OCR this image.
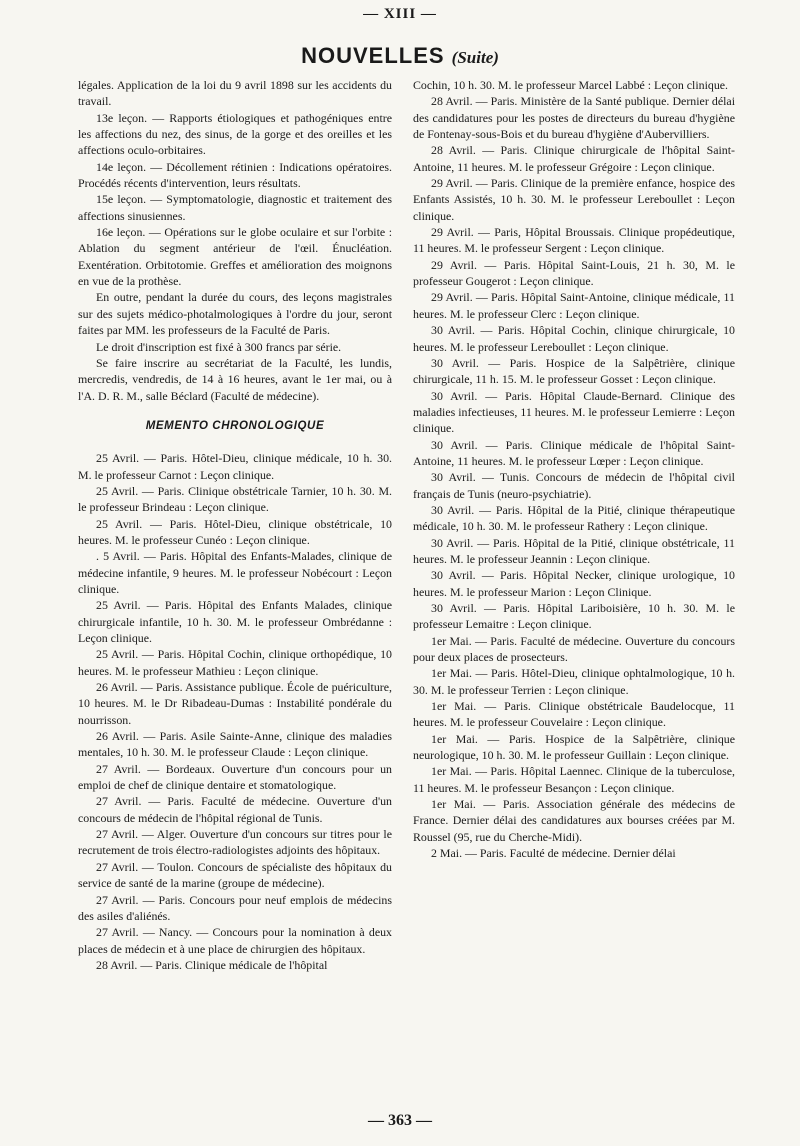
— XIII —
NOUVELLES (Suite)

légales. Application de la loi du 9 avril 1898 sur les accidents du travail.

13e leçon. — Rapports étiologiques et pathogéniques entre les affections du nez, des sinus, de la gorge et des oreilles et les affections oculo-orbitaires.

14e leçon. — Décollement rétinien : Indications opératoires. Procédés récents d'intervention, leurs résultats.

15e leçon. — Symptomatologie, diagnostic et traitement des affections sinusiennes.

16e leçon. — Opérations sur le globe oculaire et sur l'orbite : Ablation du segment antérieur de l'œil. Énucléation. Exentération. Orbitotomie. Greffes et amélioration des moignons en vue de la prothèse.

En outre, pendant la durée du cours, des leçons magistrales sur des sujets médico-photalmologiques à l'ordre du jour, seront faites par MM. les professeurs de la Faculté de Paris.

Le droit d'inscription est fixé à 300 francs par série.

Se faire inscrire au secrétariat de la Faculté, les lundis, mercredis, vendredis, de 14 à 16 heures, avant le 1er mai, ou à l'A. D. R. M., salle Béclard (Faculté de médecine).

MEMENTO CHRONOLOGIQUE

25 Avril. — Paris. Hôtel-Dieu, clinique médicale, 10 h. 30. M. le professeur Carnot : Leçon clinique.

25 Avril. — Paris. Clinique obstétricale Tarnier, 10 h. 30. M. le professeur Brindeau : Leçon clinique.

25 Avril. — Paris. Hôtel-Dieu, clinique obstétricale, 10 heures. M. le professeur Cunéo : Leçon clinique.

. 5 Avril. — Paris. Hôpital des Enfants-Malades, clinique de médecine infantile, 9 heures. M. le professeur Nobécourt : Leçon clinique.

25 Avril. — Paris. Hôpital des Enfants Malades, clinique chirurgicale infantile, 10 h. 30. M. le professeur Ombrédanne : Leçon clinique.

25 Avril. — Paris. Hôpital Cochin, clinique orthopédique, 10 heures. M. le professeur Mathieu : Leçon clinique.

26 Avril. — Paris. Assistance publique. École de puériculture, 10 heures. M. le Dr Ribadeau-Dumas : Instabilité pondérale du nourrisson.

26 Avril. — Paris. Asile Sainte-Anne, clinique des maladies mentales, 10 h. 30. M. le professeur Claude : Leçon clinique.

27 Avril. — Bordeaux. Ouverture d'un concours pour un emploi de chef de clinique dentaire et stomatologique.

27 Avril. — Paris. Faculté de médecine. Ouverture d'un concours de médecin de l'hôpital régional de Tunis.

27 Avril. — Alger. Ouverture d'un concours sur titres pour le recrutement de trois électro-radiologistes adjoints des hôpitaux.

27 Avril. — Toulon. Concours de spécialiste des hôpitaux du service de santé de la marine (groupe de médecine).

27 Avril. — Paris. Concours pour neuf emplois de médecins des asiles d'aliénés.

27 Avril. — Nancy. — Concours pour la nomination à deux places de médecin et à une place de chirurgien des hôpitaux.

28 Avril. — Paris. Clinique médicale de l'hôpital

Cochin, 10 h. 30. M. le professeur Marcel Labbé : Leçon clinique.

28 Avril. — Paris. Ministère de la Santé publique. Dernier délai des candidatures pour les postes de directeurs du bureau d'hygiène de Fontenay-sous-Bois et du bureau d'hygiène d'Aubervilliers.

28 Avril. — Paris. Clinique chirurgicale de l'hôpital Saint-Antoine, 11 heures. M. le professeur Grégoire : Leçon clinique.

29 Avril. — Paris. Clinique de la première enfance, hospice des Enfants Assistés, 10 h. 30. M. le professeur Lereboullet : Leçon clinique.

29 Avril. — Paris, Hôpital Broussais. Clinique propédeutique, 11 heures. M. le professeur Sergent : Leçon clinique.

29 Avril. — Paris. Hôpital Saint-Louis, 21 h. 30, M. le professeur Gougerot : Leçon clinique.

29 Avril. — Paris. Hôpital Saint-Antoine, clinique médicale, 11 heures. M. le professeur Clerc : Leçon clinique.

30 Avril. — Paris. Hôpital Cochin, clinique chirurgicale, 10 heures. M. le professeur Lereboullet : Leçon clinique.

30 Avril. — Paris. Hospice de la Salpêtrière, clinique chirurgicale, 11 h. 15. M. le professeur Gosset : Leçon clinique.

30 Avril. — Paris. Hôpital Claude-Bernard. Clinique des maladies infectieuses, 11 heures. M. le professeur Lemierre : Leçon clinique.

30 Avril. — Paris. Clinique médicale de l'hôpital Saint-Antoine, 11 heures. M. le professeur Lœper : Leçon clinique.

30 Avril. — Tunis. Concours de médecin de l'hôpital civil français de Tunis (neuro-psychiatrie).

30 Avril. — Paris. Hôpital de la Pitié, clinique thérapeutique médicale, 10 h. 30. M. le professeur Rathery : Leçon clinique.

30 Avril. — Paris. Hôpital de la Pitié, clinique obstétricale, 11 heures. M. le professeur Jeannin : Leçon clinique.

30 Avril. — Paris. Hôpital Necker, clinique urologique, 10 heures. M. le professeur Marion : Leçon Clinique.

30 Avril. — Paris. Hôpital Lariboisière, 10 h. 30. M. le professeur Lemaitre : Leçon clinique.

1er Mai. — Paris. Faculté de médecine. Ouverture du concours pour deux places de prosecteurs.

1er Mai. — Paris. Hôtel-Dieu, clinique ophtalmologique, 10 h. 30. M. le professeur Terrien : Leçon clinique.

1er Mai. — Paris. Clinique obstétricale Baudelocque, 11 heures. M. le professeur Couvelaire : Leçon clinique.

1er Mai. — Paris. Hospice de la Salpêtrière, clinique neurologique, 10 h. 30. M. le professeur Guillain : Leçon clinique.

1er Mai. — Paris. Hôpital Laennec. Clinique de la tuberculose, 11 heures. M. le professeur Besançon : Leçon clinique.

1er Mai. — Paris. Association générale des médecins de France. Dernier délai des candidatures aux bourses créées par M. Roussel (95, rue du Cherche-Midi).

2 Mai. — Paris. Faculté de médecine. Dernier délai

— 363 —
